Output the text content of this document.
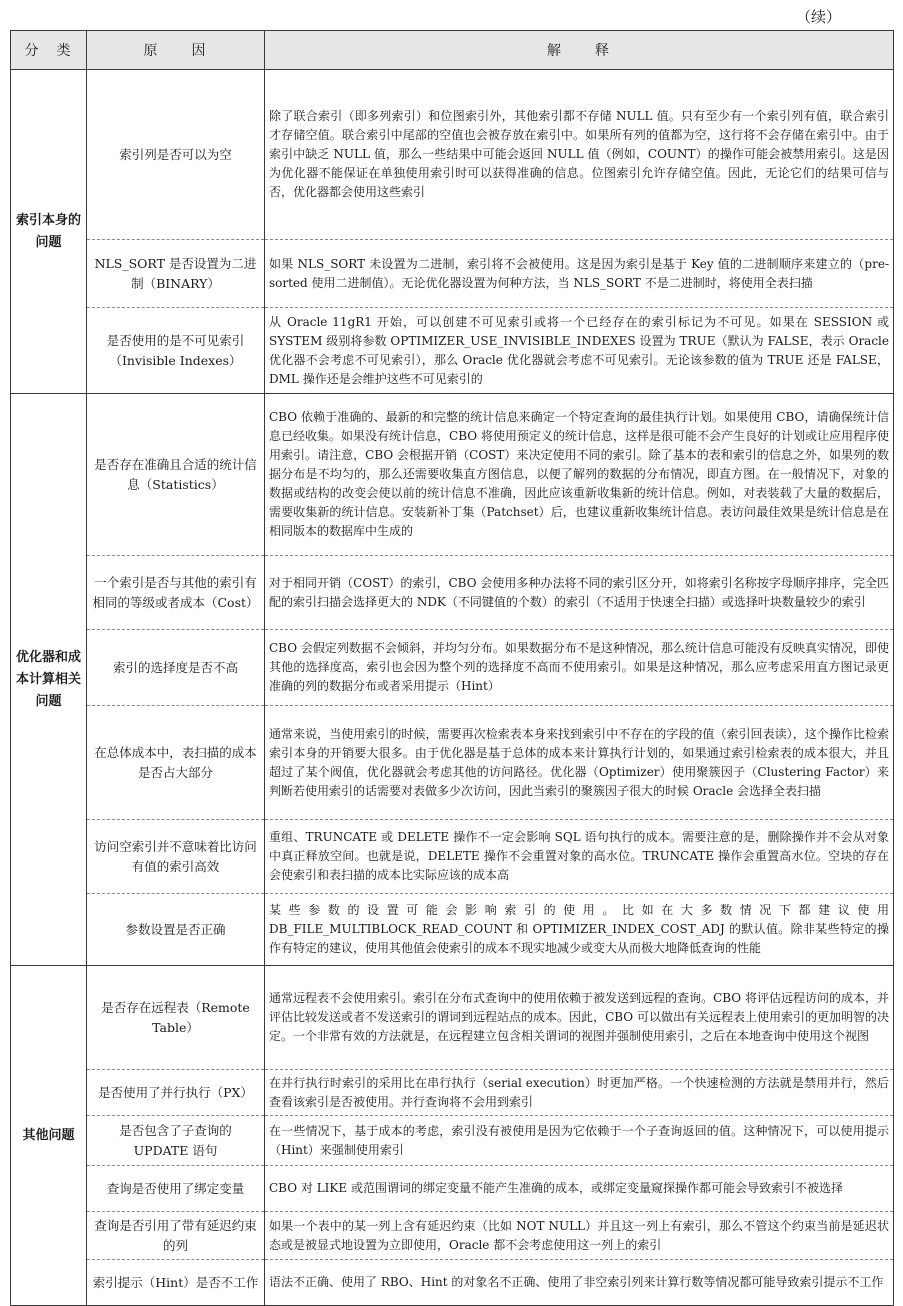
（续）
分　类	原　　因	解　　释
索引本身的问题	索引列是否可以为空	除了联合索引（即多列索引）和位图索引外，其他索引都不存储 NULL 值。只有至少有一个索引列有值，联合索引才存储空值。联合索引中尾部的空值也会被存放在索引中。如果所有列的值都为空，这行将不会存储在索引中。由于索引中缺乏 NULL 值，那么一些结果中可能会返回 NULL 值（例如，COUNT）的操作可能会被禁用索引。这是因为优化器不能保证在单独使用索引时可以获得准确的信息。位图索引允许存储空值。因此，无论它们的结果可信与否，优化器都会使用这些索引
	NLS_SORT 是否设置为二进制（BINARY）	如果 NLS_SORT 未设置为二进制，索引将不会被使用。这是因为索引是基于 Key 值的二进制顺序来建立的（pre-sorted 使用二进制值）。无论优化器设置为何种方法，当 NLS_SORT 不是二进制时，将使用全表扫描
	是否使用的是不可见索引（Invisible Indexes）	从 Oracle 11gR1 开始，可以创建不可见索引或将一个已经存在的索引标记为不可见。如果在 SESSION 或 SYSTEM 级别将参数 OPTIMIZER_USE_INVISIBLE_INDEXES 设置为 TRUE（默认为 FALSE，表示 Oracle 优化器不会考虑不可见索引），那么 Oracle 优化器就会考虑不可见索引。无论该参数的值为 TRUE 还是 FALSE，DML 操作还是会维护这些不可见索引的
优化器和成本计算相关问题	是否存在准确且合适的统计信息（Statistics）	CBO 依赖于准确的、最新的和完整的统计信息来确定一个特定查询的最佳执行计划。如果使用 CBO，请确保统计信息已经收集。如果没有统计信息，CBO 将使用预定义的统计信息，这样是很可能不会产生良好的计划或让应用程序使用索引。请注意，CBO 会根据开销（COST）来决定使用不同的索引。除了基本的表和索引的信息之外，如果列的数据分布是不均匀的，那么还需要收集直方图信息，以便了解列的数据的分布情况，即直方图。在一般情况下，对象的数据或结构的改变会使以前的统计信息不准确，因此应该重新收集新的统计信息。例如，对表装载了大量的数据后，需要收集新的统计信息。安装新补丁集（Patchset）后，也建议重新收集统计信息。表访问最佳效果是统计信息是在相同版本的数据库中生成的
	一个索引是否与其他的索引有相同的等级或者成本（Cost）	对于相同开销（COST）的索引，CBO 会使用多种办法将不同的索引区分开，如将索引名称按字母顺序排序，完全匹配的索引扫描会选择更大的 NDK（不同键值的个数）的索引（不适用于快速全扫描）或选择叶块数量较少的索引
	索引的选择度是否不高	CBO 会假定列数据不会倾斜，并均匀分布。如果数据分布不是这种情况，那么统计信息可能没有反映真实情况，即使其他的选择度高，索引也会因为整个列的选择度不高而不使用索引。如果是这种情况，那么应考虑采用直方图记录更准确的列的数据分布或者采用提示（Hint）
	在总体成本中，表扫描的成本是否占大部分	通常来说，当使用索引的时候，需要再次检索表本身来找到索引中不存在的字段的值（索引回表读），这个操作比检索索引本身的开销要大很多。由于优化器是基于总体的成本来计算执行计划的，如果通过索引检索表的成本很大，并且超过了某个阀值，优化器就会考虑其他的访问路径。优化器（Optimizer）使用聚簇因子（Clustering Factor）来判断若使用索引的话需要对表做多少次访问，因此当索引的聚簇因子很大的时候 Oracle 会选择全表扫描
	访问空索引并不意味着比访问有值的索引高效	重组、TRUNCATE 或 DELETE 操作不一定会影响 SQL 语句执行的成本。需要注意的是，删除操作并不会从对象中真正释放空间。也就是说，DELETE 操作不会重置对象的高水位。TRUNCATE 操作会重置高水位。空块的存在会使索引和表扫描的成本比实际应该的成本高
	参数设置是否正确	某些参数的设置可能会影响索引的使用。比如在大多数情况下都建议使用 DB_FILE_MULTIBLOCK_READ_COUNT 和 OPTIMIZER_INDEX_COST_ADJ 的默认值。除非某些特定的操作有特定的建议，使用其他值会使索引的成本不现实地减少或变大从而极大地降低查询的性能
其他问题	是否存在远程表（Remote Table）	通常远程表不会使用索引。索引在分布式查询中的使用依赖于被发送到远程的查询。CBO 将评估远程访问的成本，并评估比较发送或者不发送索引的谓词到远程站点的成本。因此，CBO 可以做出有关远程表上使用索引的更加明智的决定。一个非常有效的方法就是，在远程建立包含相关谓词的视图并强制使用索引，之后在本地查询中使用这个视图
	是否使用了并行执行（PX）	在并行执行时索引的采用比在串行执行（serial execution）时更加严格。一个快速检测的方法就是禁用并行，然后查看该索引是否被使用。并行查询将不会用到索引
	是否包含了子查询的 UPDATE 语句	在一些情况下，基于成本的考虑，索引没有被使用是因为它依赖于一个子查询返回的值。这种情况下，可以使用提示（Hint）来强制使用索引
	查询是否使用了绑定变量	CBO 对 LIKE 或范围谓词的绑定变量不能产生准确的成本，或绑定变量窥探操作都可能会导致索引不被选择
	查询是否引用了带有延迟约束的列	如果一个表中的某一列上含有延迟约束（比如 NOT NULL）并且这一列上有索引，那么不管这个约束当前是延迟状态或是被显式地设置为立即使用，Oracle 都不会考虑使用这一列上的索引
	索引提示（Hint）是否不工作	语法不正确、使用了 RBO、Hint 的对象名不正确、使用了非空索引列来计算行数等情况都可能导致索引提示不工作
